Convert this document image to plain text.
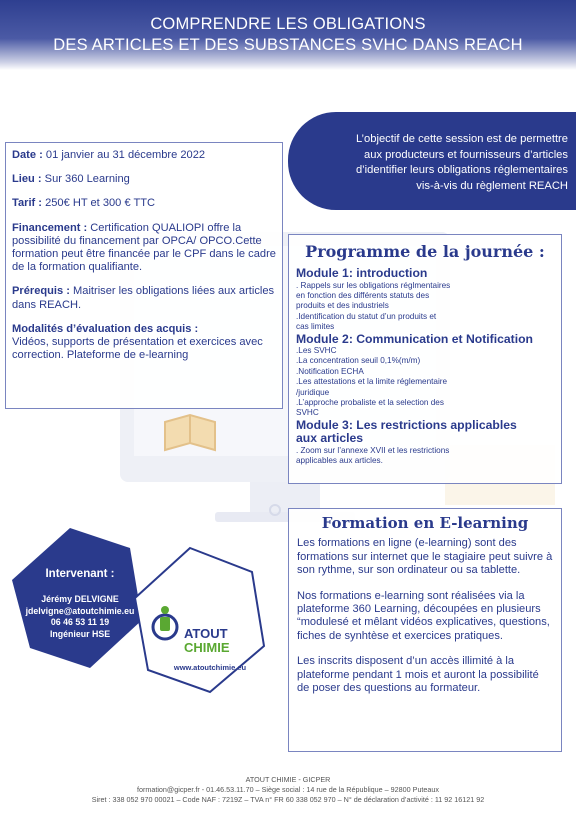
COMPRENDRE LES OBLIGATIONS
DES ARTICLES ET DES SUBSTANCES SVHC DANS REACH
L’objectif de cette session est de permettre
aux producteurs et fournisseurs d’articles
d’identifier leurs obligations réglementaires
vis-à-vis du règlement REACH

Date : 01 janvier au 31 décembre 2022

Lieu : Sur 360 Learning

Tarif : 250€ HT et 300 € TTC

Financement : Certification QUALIOPI offre la possibilité du financement par OPCA/ OPCO.Cette formation peut être financée par le CPF dans le cadre de la formation qualifiante.

Prérequis : Maitriser les obligations liées aux articles dans REACH.

Modalités d’évaluation des acquis :
Vidéos, supports de présentation et exercices avec correction. Plateforme de e-learning

Programme de la journée :
Module 1: introduction
. Rappels sur les obligations réglmentaires
en fonction des différents statuts des
produits et des industriels
.Identification du statut d’un produits et
cas limites
Module 2: Communication et Notification
.Les SVHC
.La concentration seuil 0,1%(m/m)
.Notification ECHA
.Les attestations et la limite réglementaire
/juridique
.L’approche probaliste et la selection des
SVHC
Module 3: Les restrictions applicables
aux articles
. Zoom sur l’annexe XVII et les restrictions
applicables aux articles.
Formation en E-learning

Les formations en ligne (e-learning) sont des formations sur internet que le stagiaire peut suivre à son rythme, sur son ordinateur ou sa tablette.

Nos formations e-learning sont réalisées via la plateforme 360 Learning, découpées en plusieurs “modulesé et mêlant vidéos explicatives, questions, fiches de synhtèse et exercices pratiques.

Les inscrits disposent d’un accès illimité à la plateforme pendant 1 mois et auront la possibilité de poser des questions au formateur.

Intervenant :
Jérémy DELVIGNE
jdelvigne@atoutchimie.eu
06 46 53 11 19
Ingénieur HSE	ATOUT
CHIMIE
www.atoutchimie.eu
ATOUT CHIMIE - GICPER
formation@gicper.fr - 01.46.53.11.70 – Siège social : 14 rue de la République – 92800 Puteaux
Siret : 338 052 970 00021 – Code NAF : 7219Z – TVA n° FR 60 338 052 970 – N° de déclaration d’activité : 11 92 16121 92
